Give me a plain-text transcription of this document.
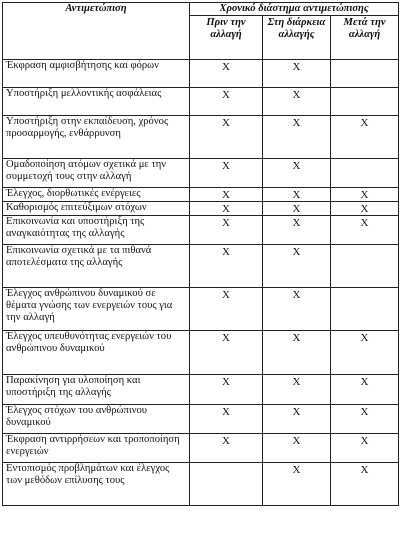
Αντιμετώπιση	Χρονικό διάστημα αντιμετώπισης		
	Πριν την αλλαγή	Στη διάρκεια αλλαγής	Μετά την αλλαγή
Έκφραση αμφισβήτησης και φόρων	X	X	
Υποστήριξη μελλοντικής ασφάλειας	X	X	
Υποστήριξη στην εκπαίδευση, χρόνος προσαρμογής, ενθάρρυνση	X	X	X
Ομαδοποίηση ατόμων σχετικά με την συμμετοχή τους στην αλλαγή	X	X	
Έλεγχος, διορθωτικές ενέργειες	X	X	X
Καθορισμός επιτεύξιμων στόχων	X	X	X
Επικοινωνία και υποστήριξη της αναγκαιότητας της αλλαγής	X	X	X
Επικοινωνία σχετικά με τα πιθανά αποτελέσματα της αλλαγής	X	X	
Έλεγχος ανθρώπινου δυναμικού σε θέματα γνώσης των ενεργειών τους για την αλλαγή	X	X	
Έλεγχος υπευθυνότητας ενεργειών του ανθρώπινου δυναμικού	X	X	X
Παρακίνηση για υλοποίηση και υποστήριξη της αλλαγής	X	X	X
Έλεγχος στόχων του ανθρώπινου δυναμικού	X	X	X
Έκφραση αντιρρήσεων και τροποποίηση ενεργειών	X	X	X
Εντοπισμός προβλημάτων και έλεγχος των μεθόδων επίλυσης τους		X	X
